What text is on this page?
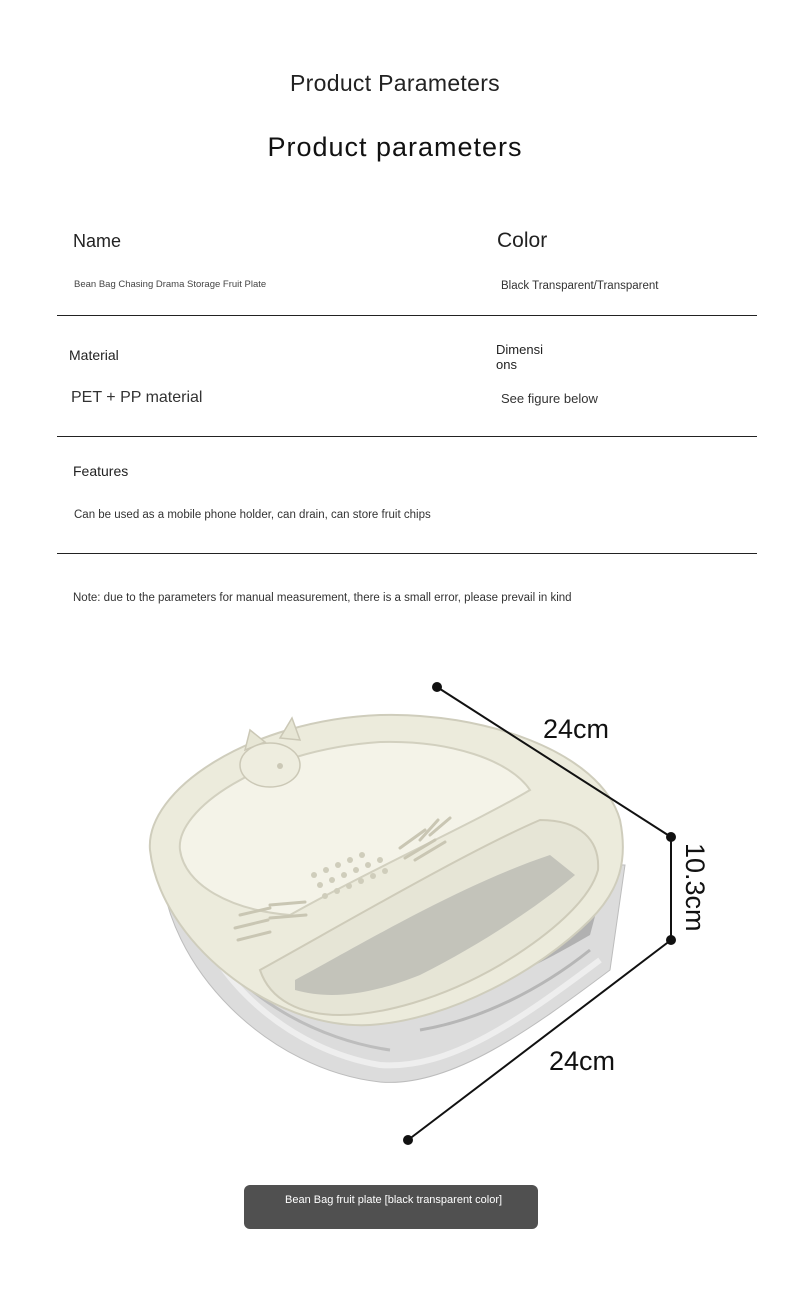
Product Parameters
Product parameters
Name
Bean Bag Chasing Drama Storage Fruit Plate
Color
Black Transparent/Transparent
Material
PET + PP material
Dimensi
ons
See figure below
Features
Can be used as a mobile phone holder, can drain, can store fruit chips
Note: due to the parameters for manual measurement, there is a small error, please prevail in kind
24cm
10.3cm
24cm
Bean Bag fruit plate [black transparent color]
